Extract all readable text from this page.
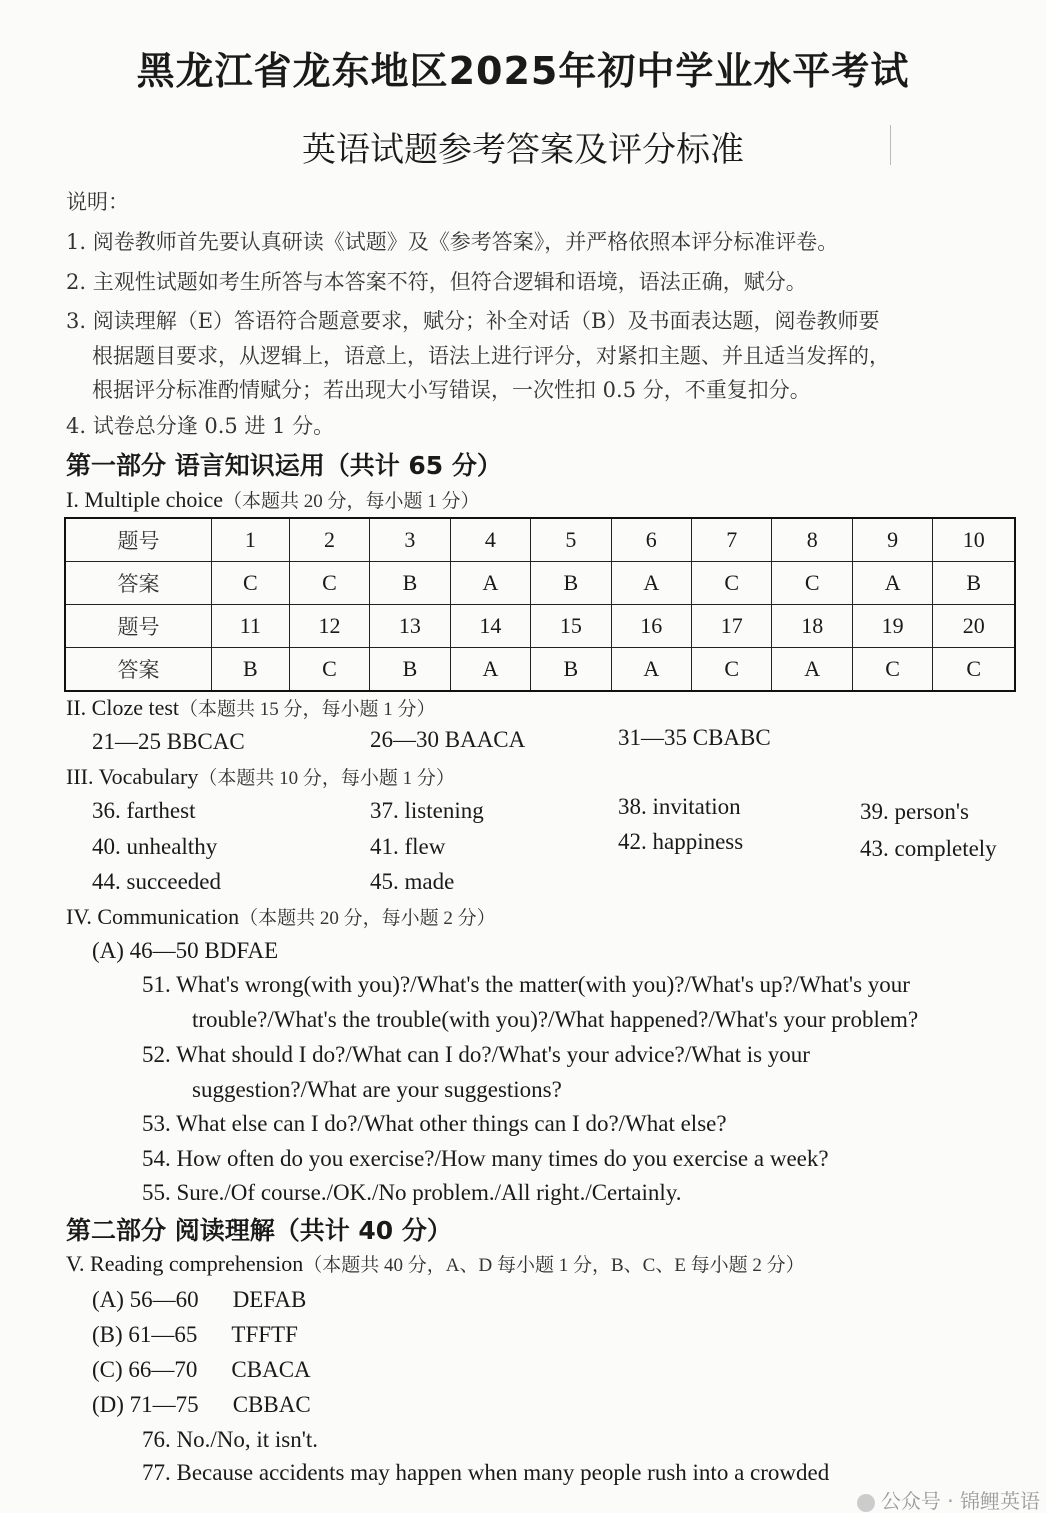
黑龙江省龙东地区2025年初中学业水平考试
英语试题参考答案及评分标准
说明：
1. 阅卷教师首先要认真研读《试题》及《参考答案》，并严格依照本评分标准评卷。
2. 主观性试题如考生所答与本答案不符，但符合逻辑和语境，语法正确，赋分。
3. 阅读理解（E）答语符合题意要求，赋分；补全对话（B）及书面表达题，阅卷教师要
根据题目要求，从逻辑上，语意上，语法上进行评分，对紧扣主题、并且适当发挥的，
根据评分标准酌情赋分；若出现大小写错误，一次性扣 0.5 分，不重复扣分。
4. 试卷总分逢 0.5 进 1 分。
第一部分 语言知识运用（共计 65 分）
I. Multiple choice（本题共 20 分，每小题 1 分）
题号	1	2	3	4	5	6	7	8	9	10
答案	C	C	B	A	B	A	C	C	A	B
题号	11	12	13	14	15	16	17	18	19	20
答案	B	C	B	A	B	A	C	A	C	C
II. Cloze test（本题共 15 分，每小题 1 分）
21—25 BBCAC	26—30 BAACA	31—35 CBABC
III. Vocabulary（本题共 10 分，每小题 1 分）
36. farthest	37. listening	38. invitation	39. person's
40. unhealthy	41. flew	42. happiness	43. completely
44. succeeded	45. made
IV. Communication（本题共 20 分，每小题 2 分）
(A) 46—50 BDFAE
51. What's wrong(with you)?/What's the matter(with you)?/What's up?/What's your
trouble?/What's the trouble(with you)?/What happened?/What's your problem?
52. What should I do?/What can I do?/What's your advice?/What is your
suggestion?/What are your suggestions?
53. What else can I do?/What other things can I do?/What else?
54. How often do you exercise?/How many times do you exercise a week?
55. Sure./Of course./OK./No problem./All right./Certainly.
第二部分 阅读理解（共计 40 分）
V. Reading comprehension（本题共 40 分，A、D 每小题 1 分，B、C、E 每小题 2 分）
(A) 56—60 DEFAB
(B) 61—65 TFFTF
(C) 66—70 CBACA
(D) 71—75 CBBAC
76. No./No, it isn't.
77. Because accidents may happen when many people rush into a crowded
公众号 · 锦鲤英语
